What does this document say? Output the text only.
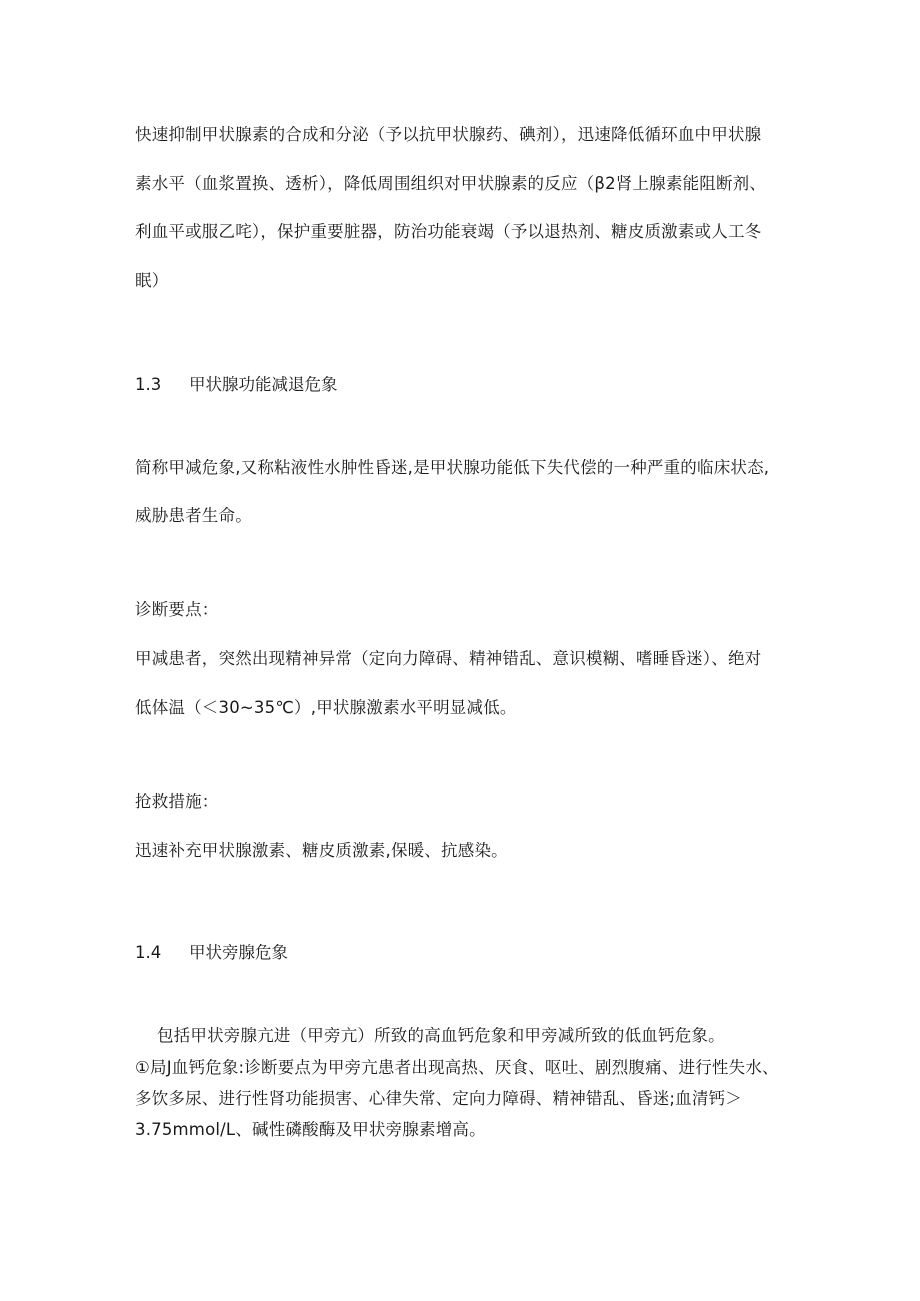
快速抑制甲状腺素的合成和分泌（予以抗甲状腺药、碘剂），迅速降低循环血中甲状腺
素水平（血浆置换、透析），降低周围组织对甲状腺素的反应（β2肾上腺素能阻断剂、
利血平或服乙咤），保护重要脏器，防治功能衰竭（予以退热剂、糖皮质激素或人工冬
眠）
1.3 甲状腺功能减退危象
简称甲减危象,又称粘液性水肿性昏迷,是甲状腺功能低下失代偿的一种严重的临床状态,
威胁患者生命。
诊断要点：
甲减患者，突然出现精神异常（定向力障碍、精神错乱、意识模糊、嗜睡昏迷）、绝对
低体温（＜30~35℃）,甲状腺激素水平明显减低。
抢救措施：
迅速补充甲状腺激素、糖皮质激素,保暖、抗感染。
1.4 甲状旁腺危象
包括甲状旁腺亢进（甲旁亢）所致的高血钙危象和甲旁减所致的低血钙危象。
①局J血钙危象:诊断要点为甲旁亢患者出现高热、厌食、呕吐、剧烈腹痛、进行性失水、
多饮多尿、进行性肾功能损害、心律失常、定向力障碍、精神错乱、昏迷;血清钙＞
3.75mmol/L、碱性磷酸酶及甲状旁腺素增高。
